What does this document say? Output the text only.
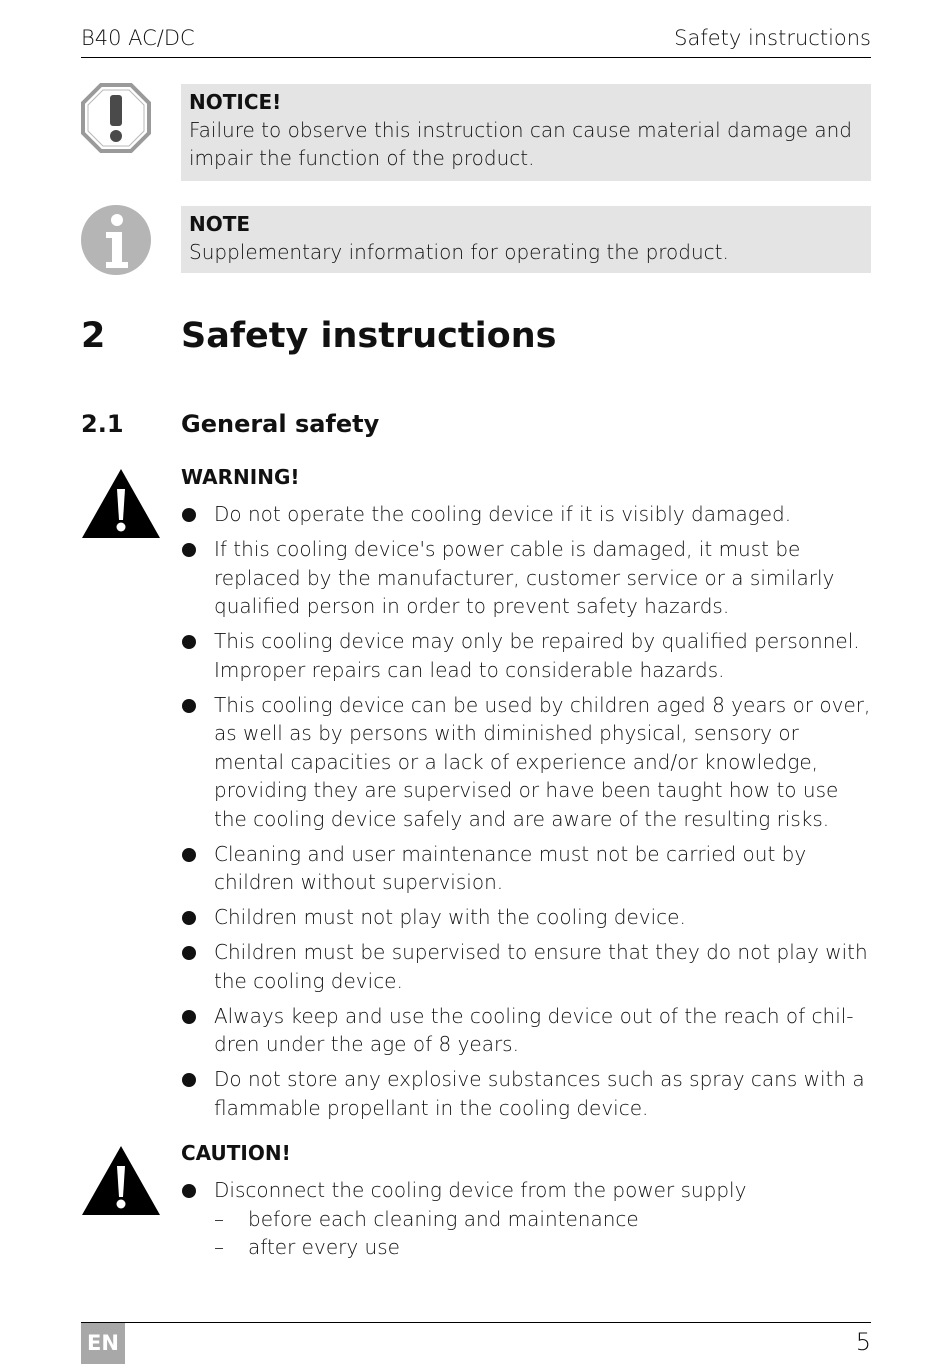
B40 AC/DC	Safety instructions
NOTICE!
Failure to observe this instruction can cause material damage and impair the function of the product.
NOTE
Supplementary information for operating the product.
2 Safety instructions
2.1 General safety
WARNING!
Do not operate the cooling device if it is visibly damaged.
If this cooling device's power cable is damaged, it must be replaced by the manufacturer, customer service or a similarly qualified person in order to prevent safety hazards.
This cooling device may only be repaired by qualified personnel. Improper repairs can lead to considerable hazards.
This cooling device can be used by children aged 8 years or over, as well as by persons with diminished physical, sensory or mental capacities or a lack of experience and/or knowledge, providing they are supervised or have been taught how to use the cooling device safely and are aware of the resulting risks.
Cleaning and user maintenance must not be carried out by children without supervision.
Children must not play with the cooling device.
Children must be supervised to ensure that they do not play with the cooling device.
Always keep and use the cooling device out of the reach of chil-dren under the age of 8 years.
Do not store any explosive substances such as spray cans with a flammable propellant in the cooling device.
CAUTION!
Disconnect the cooling device from the power supply
– before each cleaning and maintenance
– after every use
EN	5
